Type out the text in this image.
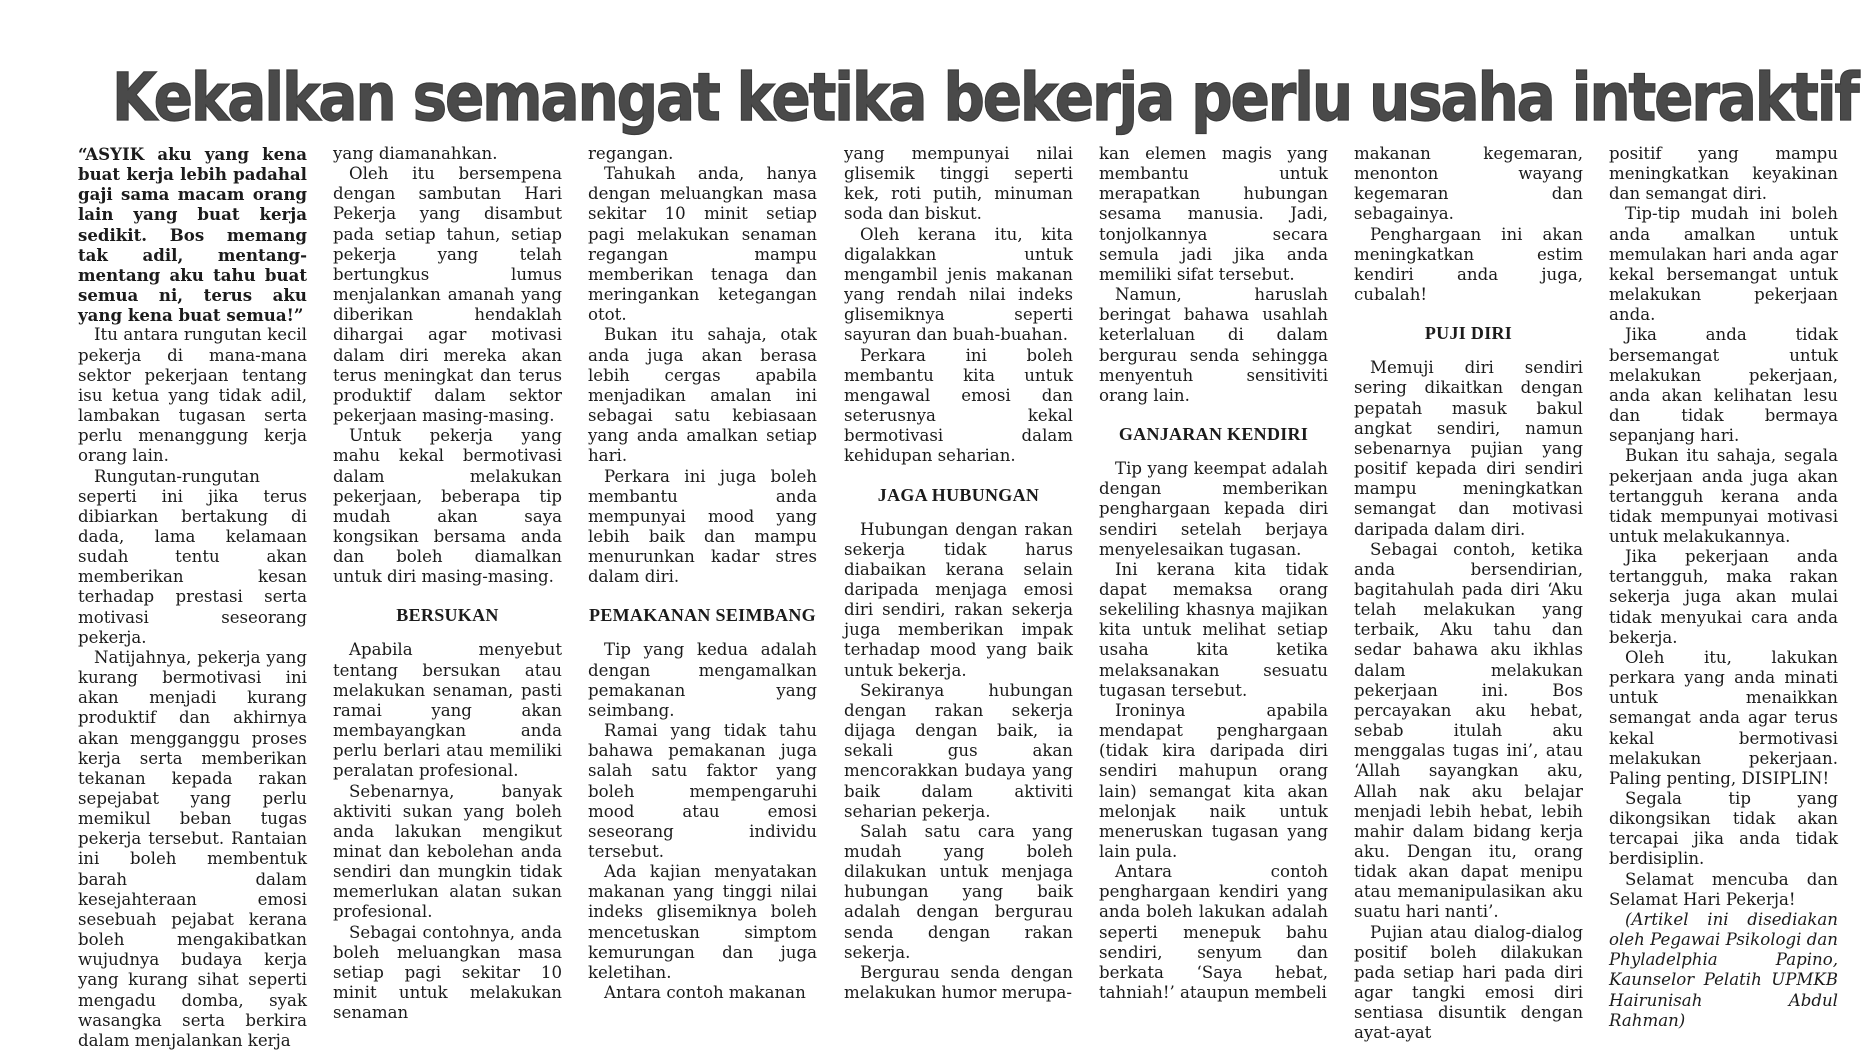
Kekalkan semangat ketika bekerja perlu usaha interaktif

“ASYIK aku yang kena buat kerja lebih padahal gaji sama macam orang lain yang buat kerja sedikit. Bos memang tak adil, mentang-mentang aku tahu buat semua ni, terus aku yang kena buat semua!”

Itu antara rungutan kecil pekerja di mana-mana sektor pekerjaan tentang isu ketua yang tidak adil, lambakan tugasan serta perlu menanggung kerja orang lain.

Rungutan-rungutan seperti ini jika terus dibiarkan bertakung di dada, lama kelamaan sudah tentu akan memberikan kesan terhadap prestasi serta motivasi seseorang pekerja.

Natijahnya, pekerja yang kurang bermotivasi ini akan menjadi kurang produktif dan akhirnya akan mengganggu proses kerja serta memberikan tekanan kepada rakan sepejabat yang perlu memikul beban tugas pekerja tersebut. Rantaian ini boleh membentuk barah dalam kesejahteraan emosi sesebuah pejabat kerana boleh mengakibatkan wujudnya budaya kerja yang kurang sihat seperti mengadu domba, syak wasangka serta berkira dalam menjalankan kerja

yang diamanahkan.

Oleh itu bersempena dengan sambutan Hari Pekerja yang disambut pada setiap tahun, setiap pekerja yang telah bertungkus lumus menjalankan amanah yang diberikan hendaklah dihargai agar motivasi dalam diri mereka akan terus meningkat dan terus produktif dalam sektor pekerjaan masing-masing.

Untuk pekerja yang mahu kekal bermotivasi dalam melakukan pekerjaan, beberapa tip mudah akan saya kongsikan bersama anda dan boleh diamalkan untuk diri masing-masing.

BERSUKAN

Apabila menyebut tentang bersukan atau melakukan senaman, pasti ramai yang akan membayangkan anda perlu berlari atau memiliki peralatan profesional.

Sebenarnya, banyak aktiviti sukan yang boleh anda lakukan mengikut minat dan kebolehan anda sendiri dan mungkin tidak memerlukan alatan sukan profesional.

Sebagai contohnya, anda boleh meluangkan masa setiap pagi sekitar 10 minit untuk melakukan senaman

regangan.

Tahukah anda, hanya dengan meluangkan masa sekitar 10 minit setiap pagi melakukan senaman regangan mampu memberikan tenaga dan meringankan ketegangan otot.

Bukan itu sahaja, otak anda juga akan berasa lebih cergas apabila menjadikan amalan ini sebagai satu kebiasaan yang anda amalkan setiap hari.

Perkara ini juga boleh membantu anda mempunyai mood yang lebih baik dan mampu menurunkan kadar stres dalam diri.

PEMAKANAN SEIMBANG

Tip yang kedua adalah dengan mengamalkan pemakanan yang seimbang.

Ramai yang tidak tahu bahawa pemakanan juga salah satu faktor yang boleh mempengaruhi mood atau emosi seseorang individu tersebut.

Ada kajian menyatakan makanan yang tinggi nilai indeks glisemiknya boleh mencetuskan simptom kemurungan dan juga keletihan.

Antara contoh makanan

yang mempunyai nilai glisemik tinggi seperti kek, roti putih, minuman soda dan biskut.

Oleh kerana itu, kita digalakkan untuk mengambil jenis makanan yang rendah nilai indeks glisemiknya seperti sayuran dan buah-buahan.

Perkara ini boleh membantu kita untuk mengawal emosi dan seterusnya kekal bermotivasi dalam kehidupan seharian.

JAGA HUBUNGAN

Hubungan dengan rakan sekerja tidak harus diabaikan kerana selain daripada menjaga emosi diri sendiri, rakan sekerja juga memberikan impak terhadap mood yang baik untuk bekerja.

Sekiranya hubungan dengan rakan sekerja dijaga dengan baik, ia sekali gus akan mencorakkan budaya yang baik dalam aktiviti seharian pekerja.

Salah satu cara yang mudah yang boleh dilakukan untuk menjaga hubungan yang baik adalah dengan bergurau senda dengan rakan sekerja.

Bergurau senda dengan melakukan humor merupa-

kan elemen magis yang membantu untuk merapatkan hubungan sesama manusia. Jadi, tonjolkannya secara semula jadi jika anda memiliki sifat tersebut.

Namun, haruslah beringat bahawa usahlah keterlaluan di dalam bergurau senda sehingga menyentuh sensitiviti orang lain.

GANJARAN KENDIRI

Tip yang keempat adalah dengan memberikan penghargaan kepada diri sendiri setelah berjaya menyelesaikan tugasan.

Ini kerana kita tidak dapat memaksa orang sekeliling khasnya majikan kita untuk melihat setiap usaha kita ketika melaksanakan sesuatu tugasan tersebut.

Ironinya apabila mendapat penghargaan (tidak kira daripada diri sendiri mahupun orang lain) semangat kita akan melonjak naik untuk meneruskan tugasan yang lain pula.

Antara contoh penghargaan kendiri yang anda boleh lakukan adalah seperti menepuk bahu sendiri, senyum dan berkata ‘Saya hebat, tahniah!’ ataupun membeli

makanan kegemaran, menonton wayang kegemaran dan sebagainya.

Penghargaan ini akan meningkatkan estim kendiri anda juga, cubalah!

PUJI DIRI

Memuji diri sendiri sering dikaitkan dengan pepatah masuk bakul angkat sendiri, namun sebenarnya pujian yang positif kepada diri sendiri mampu meningkatkan semangat dan motivasi daripada dalam diri.

Sebagai contoh, ketika anda bersendirian, bagitahulah pada diri ‘Aku telah melakukan yang terbaik, Aku tahu dan sedar bahawa aku ikhlas dalam melakukan pekerjaan ini. Bos percayakan aku hebat, sebab itulah aku menggalas tugas ini’, atau ‘Allah sayangkan aku, Allah nak aku belajar menjadi lebih hebat, lebih mahir dalam bidang kerja aku. Dengan itu, orang tidak akan dapat menipu atau memanipulasikan aku suatu hari nanti’.

Pujian atau dialog-dialog positif boleh dilakukan pada setiap hari pada diri agar tangki emosi diri sentiasa disuntik dengan ayat-ayat

positif yang mampu meningkatkan keyakinan dan semangat diri.

Tip-tip mudah ini boleh anda amalkan untuk memulakan hari anda agar kekal bersemangat untuk melakukan pekerjaan anda.

Jika anda tidak bersemangat untuk melakukan pekerjaan, anda akan kelihatan lesu dan tidak bermaya sepanjang hari.

Bukan itu sahaja, segala pekerjaan anda juga akan tertangguh kerana anda tidak mempunyai motivasi untuk melakukannya.

Jika pekerjaan anda tertangguh, maka rakan sekerja juga akan mulai tidak menyukai cara anda bekerja.

Oleh itu, lakukan perkara yang anda minati untuk menaikkan semangat anda agar terus kekal bermotivasi melakukan pekerjaan. Paling penting, DISIPLIN!

Segala tip yang dikongsikan tidak akan tercapai jika anda tidak berdisiplin.

Selamat mencuba dan Selamat Hari Pekerja!

(Artikel ini disediakan oleh Pegawai Psikologi dan Phyladelphia Papino, Kaunselor Pelatih UPMKB Hairunisah Abdul Rahman)
